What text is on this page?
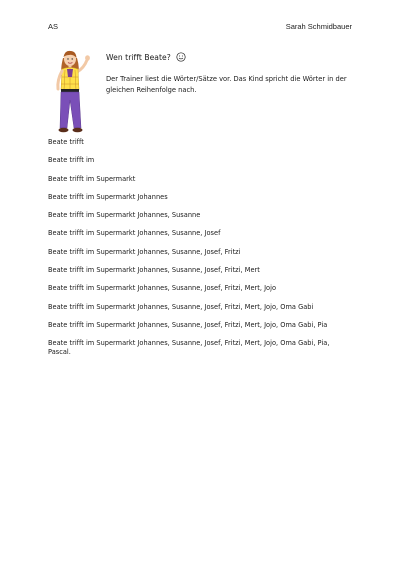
AS	Sarah Schmidbauer
Wen trifft Beate?
Der Trainer liest die Wörter/Sätze vor. Das Kind spricht die Wörter in der gleichen Reihenfolge nach.
Beate trifft
Beate trifft im
Beate trifft im Supermarkt
Beate trifft im Supermarkt Johannes
Beate trifft im Supermarkt Johannes, Susanne
Beate trifft im Supermarkt Johannes, Susanne, Josef
Beate trifft im Supermarkt Johannes, Susanne, Josef, Fritzi
Beate trifft im Supermarkt Johannes, Susanne, Josef, Fritzi, Mert
Beate trifft im Supermarkt Johannes, Susanne, Josef, Fritzi, Mert, Jojo
Beate trifft im Supermarkt Johannes, Susanne, Josef, Fritzi, Mert, Jojo, Oma Gabi
Beate trifft im Supermarkt Johannes, Susanne, Josef, Fritzi, Mert, Jojo, Oma Gabi, Pia
Beate trifft im Supermarkt Johannes, Susanne, Josef, Fritzi, Mert, Jojo, Oma Gabi, Pia, Pascal.
